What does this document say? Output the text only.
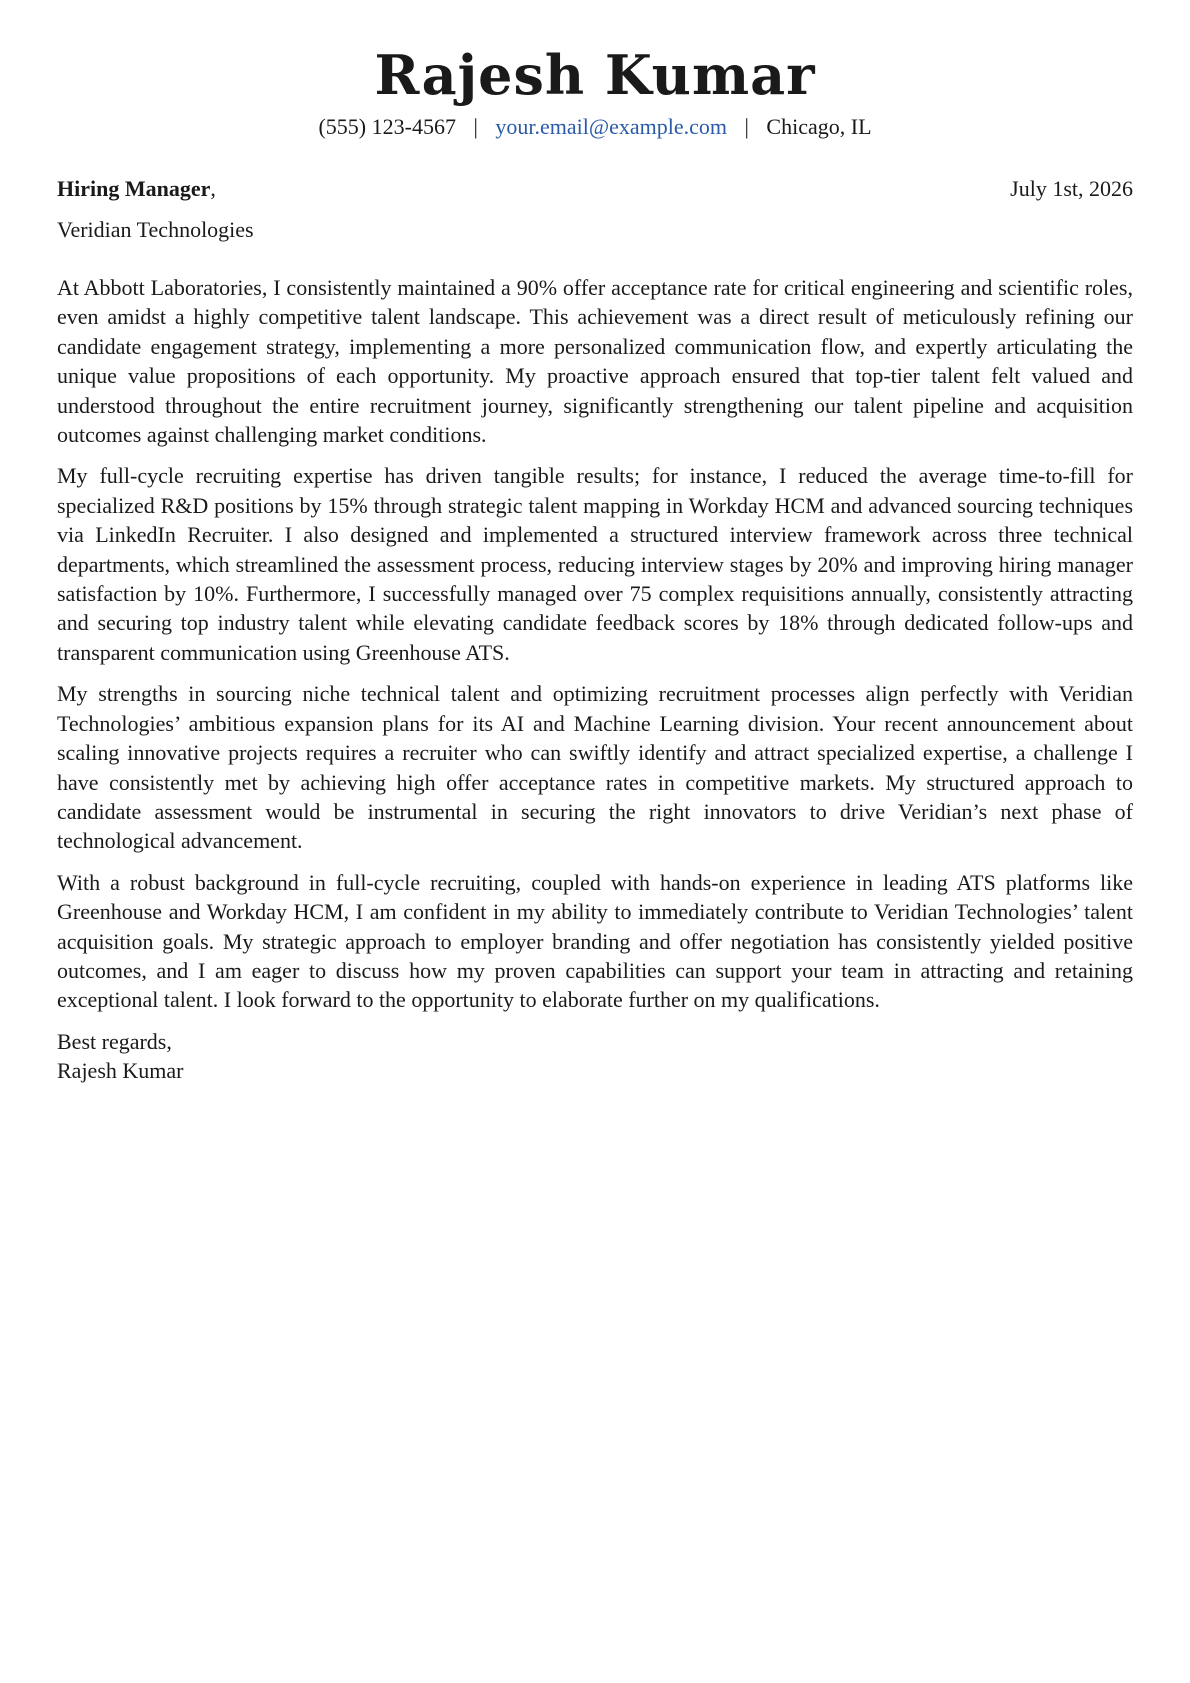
Rajesh Kumar
(555) 123-4567 | your.email@example.com | Chicago, IL
Hiring Manager,	July 1st, 2026
Veridian Technologies

At Abbott Laboratories, I consistently maintained a 90% offer acceptance rate for critical engineering and scientific roles, even amidst a highly competitive talent landscape. This achievement was a direct result of meticulously refining our candidate engagement strategy, implementing a more personalized communication flow, and expertly articulating the unique value propositions of each opportunity. My proactive approach ensured that top-tier talent felt valued and understood throughout the entire recruitment journey, significantly strengthening our talent pipeline and acquisition outcomes against challenging market conditions.

My full-cycle recruiting expertise has driven tangible results; for instance, I reduced the average time-to-fill for specialized R&D positions by 15% through strategic talent mapping in Workday HCM and advanced sourcing techniques via LinkedIn Recruiter. I also designed and implemented a structured interview framework across three technical departments, which streamlined the assessment process, reducing interview stages by 20% and improving hiring manager satisfaction by 10%. Furthermore, I successfully managed over 75 complex requisitions annually, consistently attracting and securing top industry talent while elevating candidate feedback scores by 18% through dedicated follow-ups and transparent communication using Greenhouse ATS.

My strengths in sourcing niche technical talent and optimizing recruitment processes align perfectly with Veridian Technologies’ ambitious expansion plans for its AI and Machine Learning division. Your recent announcement about scaling innovative projects requires a recruiter who can swiftly identify and attract specialized expertise, a challenge I have consistently met by achieving high offer acceptance rates in competitive markets. My structured approach to candidate assessment would be instrumental in securing the right innovators to drive Veridian’s next phase of technological advancement.

With a robust background in full-cycle recruiting, coupled with hands-on experience in leading ATS platforms like Greenhouse and Workday HCM, I am confident in my ability to immediately contribute to Veridian Technologies’ talent acquisition goals. My strategic approach to employer branding and offer negotiation has consistently yielded positive outcomes, and I am eager to discuss how my proven capabilities can support your team in attracting and retaining exceptional talent. I look forward to the opportunity to elaborate further on my qualifications.

Best regards,
Rajesh Kumar
